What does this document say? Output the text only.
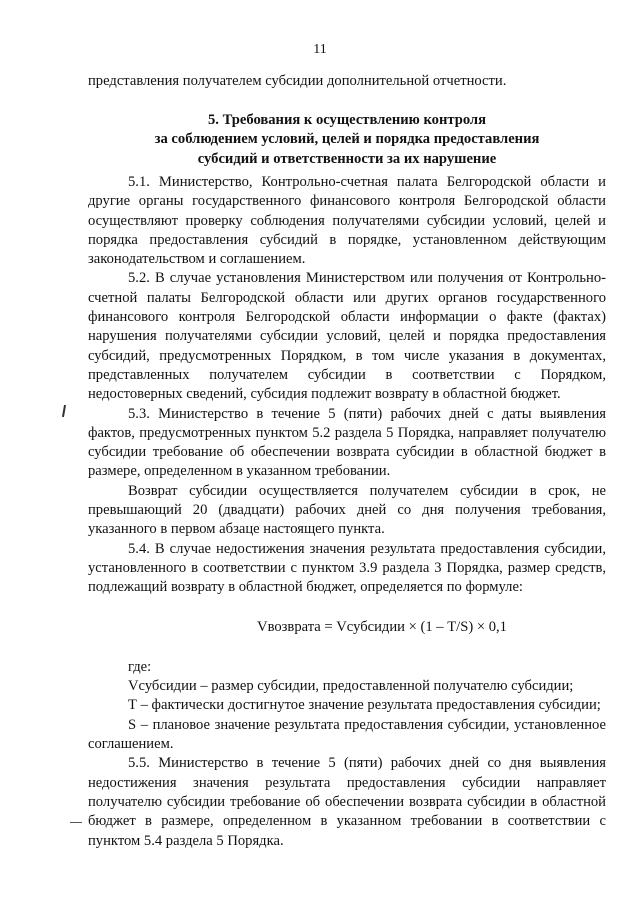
11
представления получателем субсидии дополнительной отчетности.
5. Требования к осуществлению контроля
за соблюдением условий, целей и порядка предоставления
субсидий и ответственности за их нарушение

5.1. Министерство, Контрольно-счетная палата Белгородской области и другие органы государственного финансового контроля Белгородской области осуществляют проверку соблюдения получателями субсидии условий, целей и порядка предоставления субсидий в порядке, установленном действующим законодательством и соглашением.

5.2. В случае установления Министерством или получения от Контрольно-счетной палаты Белгородской области или других органов государственного финансового контроля Белгородской области информации о факте (фактах) нарушения получателями субсидии условий, целей и порядка предоставления субсидий, предусмотренных Порядком, в том числе указания в документах, представленных получателем субсидии в соответствии с Порядком, недостоверных сведений, субсидия подлежит возврату в областной бюджет.

5.3. Министерство в течение 5 (пяти) рабочих дней с даты выявления фактов, предусмотренных пунктом 5.2 раздела 5 Порядка, направляет получателю субсидии требование об обеспечении возврата субсидии в областной бюджет в размере, определенном в указанном требовании.

Возврат субсидии осуществляется получателем субсидии в срок, не превышающий 20 (двадцати) рабочих дней со дня получения требования, указанного в первом абзаце настоящего пункта.

5.4. В случае недостижения значения результата предоставления субсидии, установленного в соответствии с пунктом 3.9 раздела 3 Порядка, размер средств, подлежащий возврату в областной бюджет, определяется по формуле:

Vвозврата = Vсубсидии × (1 – T/S) × 0,1

где:

Vсубсидии – размер субсидии, предоставленной получателю субсидии;

Т – фактически достигнутое значение результата предоставления субсидии;

S – плановое значение результата предоставления субсидии, установленное соглашением.

5.5. Министерство в течение 5 (пяти) рабочих дней со дня выявления недостижения значения результата предоставления субсидии направляет получателю субсидии требование об обеспечении возврата субсидии в областной бюджет в размере, определенном в указанном требовании в соответствии с пунктом 5.4 раздела 5 Порядка.
